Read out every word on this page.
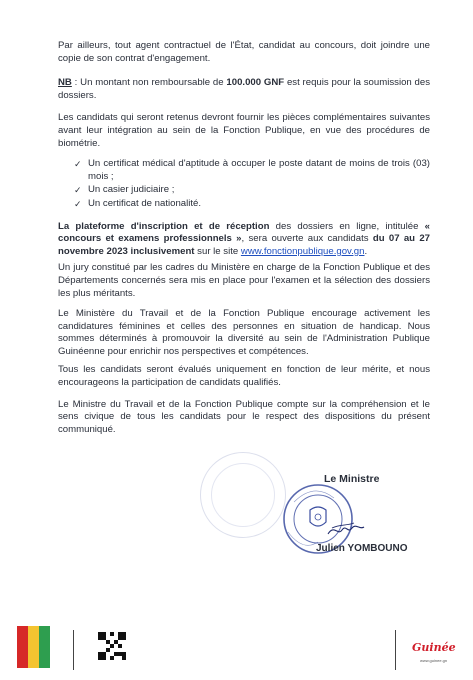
Par ailleurs, tout agent contractuel de l'État, candidat au concours, doit joindre une copie de son contrat d'engagement.

NB : Un montant non remboursable de 100.000 GNF est requis pour la soumission des dossiers.

Les candidats qui seront retenus devront fournir les pièces complémentaires suivantes avant leur intégration au sein de la Fonction Publique, en vue des procédures de biométrie.

✓ Un certificat médical d'aptitude à occuper le poste datant de moins de trois (03) mois ;
✓ Un casier judiciaire ;
✓ Un certificat de nationalité.

La plateforme d'inscription et de réception des dossiers en ligne, intitulée « concours et examens professionnels », sera ouverte aux candidats du 07 au 27 novembre 2023 inclusivement sur le site www.fonctionpublique.gov.gn.

Un jury constitué par les cadres du Ministère en charge de la Fonction Publique et des Départements concernés sera mis en place pour l'examen et la sélection des dossiers les plus méritants.

Le Ministère du Travail et de la Fonction Publique encourage activement les candidatures féminines et celles des personnes en situation de handicap. Nous sommes déterminés à promouvoir la diversité au sein de l'Administration Publique Guinéenne pour enrichir nos perspectives et compétences.

Tous les candidats seront évalués uniquement en fonction de leur mérite, et nous encourageons la participation de candidats qualifiés.

Le Ministre du Travail et de la Fonction Publique compte sur la compréhension et le sens civique de tous les candidats pour le respect des dispositions du présent communiqué.

Le Ministre
Julien YOMBOUNO
Guinée
www.guinee.gn
